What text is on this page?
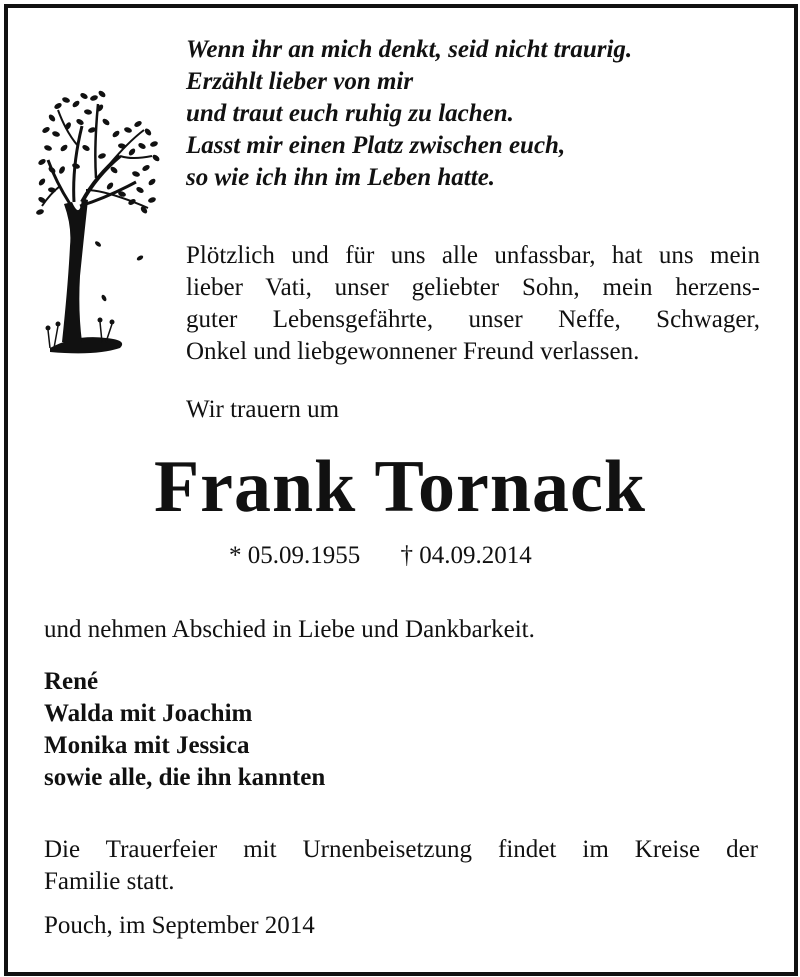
Wenn ihr an mich denkt, seid nicht traurig.
Erzählt lieber von mir
und traut euch ruhig zu lachen.
Lasst mir einen Platz zwischen euch,
so wie ich ihn im Leben hatte.
Plötzlich und für uns alle unfassbar, hat uns mein
lieber Vati, unser geliebter Sohn, mein herzens-
guter Lebensgefährte, unser Neffe, Schwager,
Onkel und liebgewonnener Freund verlassen.
Wir trauern um
Frank Tornack
* 05.09.1955 † 04.09.2014
und nehmen Abschied in Liebe und Dankbarkeit.
René
Walda mit Joachim
Monika mit Jessica
sowie alle, die ihn kannten
Die Trauerfeier mit Urnenbeisetzung findet im Kreise der
Familie statt.
Pouch, im September 2014
